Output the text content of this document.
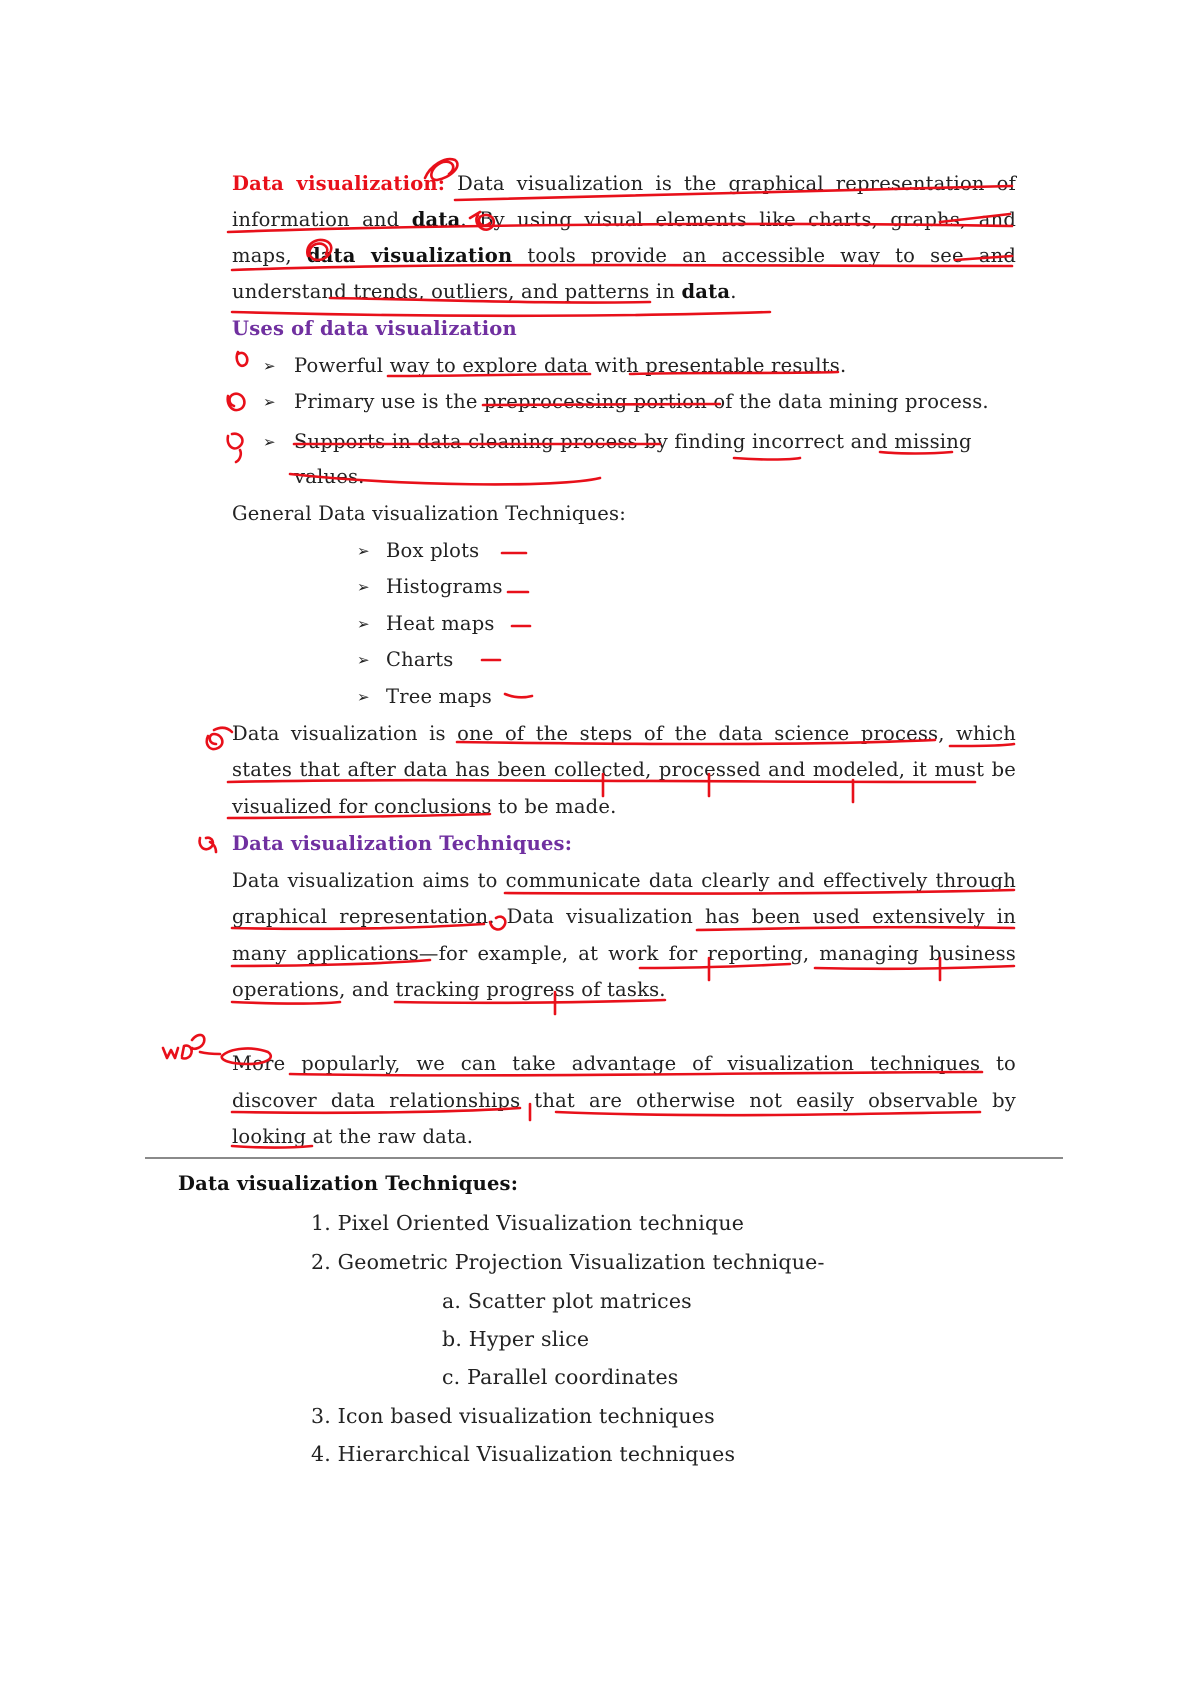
Data visualization: Data visualization is the graphical representation of
information and data. By using visual elements like charts, graphs, and
maps, data visualization tools provide an accessible way to see and
understand trends, outliers, and patterns in data.
Uses of data visualization
➢ Powerful way to explore data with presentable results.
➢ Primary use is the preprocessing portion of the data mining process.
➢ Supports in data cleaning process by finding incorrect and missing
values.
General Data visualization Techniques:
➢ Box plots
➢ Histograms
➢ Heat maps
➢ Charts
➢ Tree maps
Data visualization is one of the steps of the data science process, which
states that after data has been collected, processed and modeled, it must be
visualized for conclusions to be made.
Data visualization Techniques:
Data visualization aims to communicate data clearly and effectively through
graphical representation. Data visualization has been used extensively in
many applications—for example, at work for reporting, managing business
operations, and tracking progress of tasks.
More popularly, we can take advantage of visualization techniques to
discover data relationships that are otherwise not easily observable by
looking at the raw data.
Data visualization Techniques:
1. Pixel Oriented Visualization technique
2. Geometric Projection Visualization technique-
a. Scatter plot matrices
b. Hyper slice
c. Parallel coordinates
3. Icon based visualization techniques
4. Hierarchical Visualization techniques
